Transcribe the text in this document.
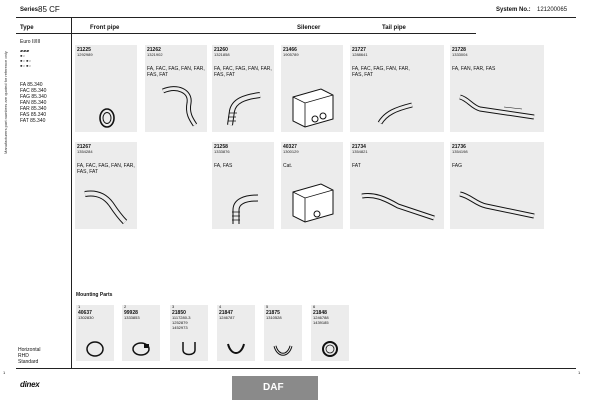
Series 85 CF	System No.: 121200065
Manufacturers part numbers are quoted for reference only
Type
Euro II/III
▰▰▰
●○
●○ ●○
●○ ●○
FA 85.340
FAC 85.340
FAG 85.340
FAN 85.340
FAR 85.340
FAS 85.340
FAT 85.340
Front pipe	Silencer	Tail pipe
21225
1292989
21262
1321902
FA, FAC, FAG, FAN, FAR, FAS, FAT
21260
1321858
FA, FAC, FAG, FAN, FAR, FAS, FAT
21466
1905789
21727
1288641
FA, FAC, FAG, FAN, FAR, FAS, FAT
21728
1333004
FA, FAN, FAR, FAS
21267
1354284
FA, FAC, FAG, FAN, FAR, FAS, FAT
21258
1333876
FA, FAS
40327
1300129
Cat.
21734
1354821
FAT
21736
1354198
FAG
Mounting Parts
1
40637
1302830
2
99928
1333853
3
21850
1117280-3
1252879
1452973
4
21847
1246787
5
21875
1310528
6
21848
1246788
1439185
Horizontal
RHD
Standard
1	1
dinex	DAF
